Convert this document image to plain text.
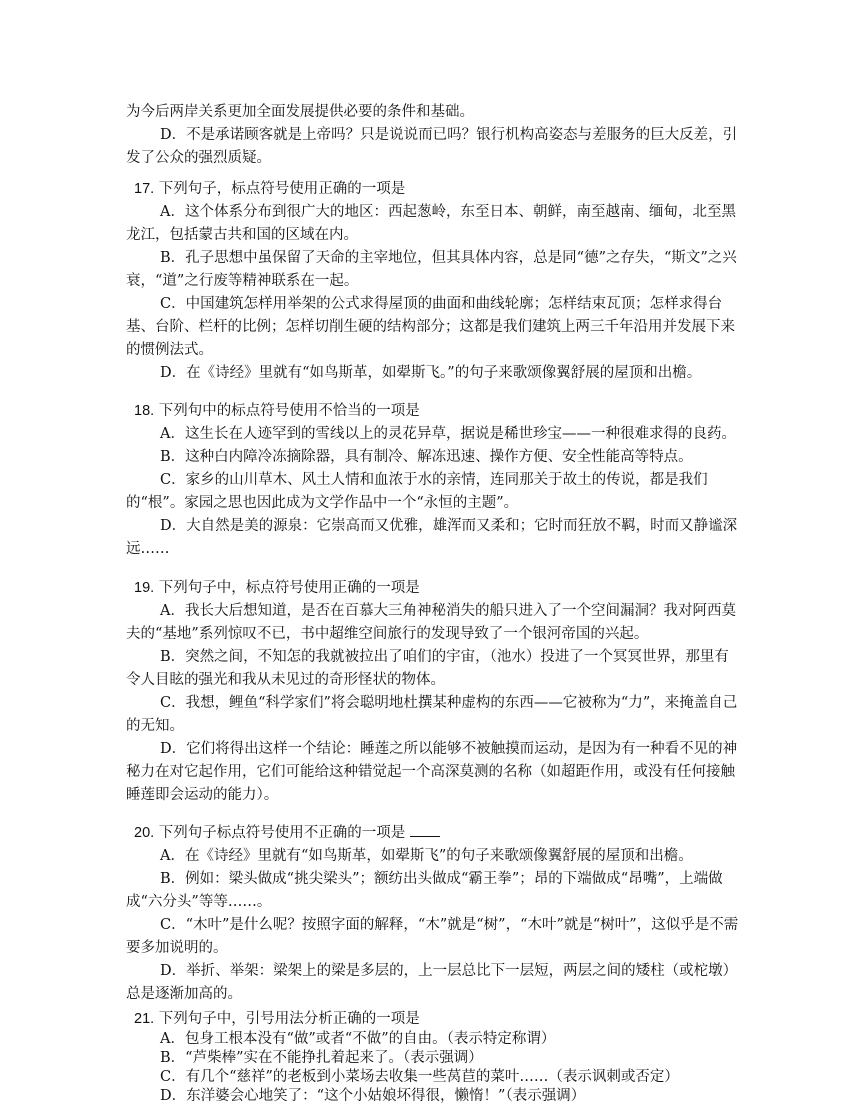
为今后两岸关系更加全面发展提供必要的条件和基础。
D．不是承诺顾客就是上帝吗？只是说说而已吗？银行机构高姿态与差服务的巨大反差，引发了公众的强烈质疑。
17. 下列句子，标点符号使用正确的一项是
A．这个体系分布到很广大的地区：西起葱岭，东至日本、朝鲜，南至越南、缅甸，北至黑龙江，包括蒙古共和国的区域在内。
B．孔子思想中虽保留了天命的主宰地位，但其具体内容，总是同“德”之存失，“斯文”之兴衰，“道”之行废等精神联系在一起。
C．中国建筑怎样用举架的公式求得屋顶的曲面和曲线轮廓；怎样结束瓦顶；怎样求得台基、台阶、栏杆的比例；怎样切削生硬的结构部分；这都是我们建筑上两三千年沿用并发展下来的惯例法式。
D．在《诗经》里就有“如鸟斯革，如翚斯飞。”的句子来歌颂像翼舒展的屋顶和出檐。
18. 下列句中的标点符号使用不恰当的一项是
A．这生长在人迹罕到的雪线以上的灵花异草，据说是稀世珍宝——一种很难求得的良药。
B．这种白内障冷冻摘除器，具有制冷、解冻迅速、操作方便、安全性能高等特点。
C．家乡的山川草木、风土人情和血浓于水的亲情，连同那关于故土的传说，都是我们的“根”。家园之思也因此成为文学作品中一个“永恒的主题”。
D．大自然是美的源泉：它崇高而又优雅，雄浑而又柔和；它时而狂放不羁，时而又静谧深远……
19. 下列句子中，标点符号使用正确的一项是
A．我长大后想知道，是否在百慕大三角神秘消失的船只进入了一个空间漏洞？我对阿西莫夫的“基地”系列惊叹不已，书中超维空间旅行的发现导致了一个银河帝国的兴起。
B．突然之间，不知怎的我就被拉出了咱们的宇宙，（池水）投进了一个冥冥世界，那里有令人目眩的强光和我从未见过的奇形怪状的物体。
C．我想，鲤鱼“科学家们”将会聪明地杜撰某种虚构的东西——它被称为“力”，来掩盖自己的无知。
D．它们将得出这样一个结论：睡莲之所以能够不被触摸而运动，是因为有一种看不见的神秘力在对它起作用，它们可能给这种错觉起一个高深莫测的名称（如超距作用，或没有任何接触睡莲即会运动的能力）。
20. 下列句子标点符号使用不正确的一项是
A．在《诗经》里就有“如鸟斯革，如翚斯飞”的句子来歌颂像翼舒展的屋顶和出檐。
B．例如：梁头做成“挑尖梁头”；额纺出头做成“霸王拳”；昂的下端做成“昂嘴”，上端做成“六分头”等等……。
C．“木叶”是什么呢？按照字面的解释，“木”就是“树”，“木叶”就是“树叶”，这似乎是不需要多加说明的。
D．举折、举架：梁架上的梁是多层的，上一层总比下一层短，两层之间的矮柱（或柁墩）总是逐渐加高的。
21. 下列句子中，引号用法分析正确的一项是
A．包身工根本没有“做”或者“不做”的自由。（表示特定称谓）
B．“芦柴棒”实在不能挣扎着起来了。（表示强调）
C．有几个“慈祥”的老板到小菜场去收集一些莴苣的菜叶……（表示讽刺或否定）
D．东洋婆会心地笑了：“这个小姑娘坏得很，懒惰！”（表示强调）
